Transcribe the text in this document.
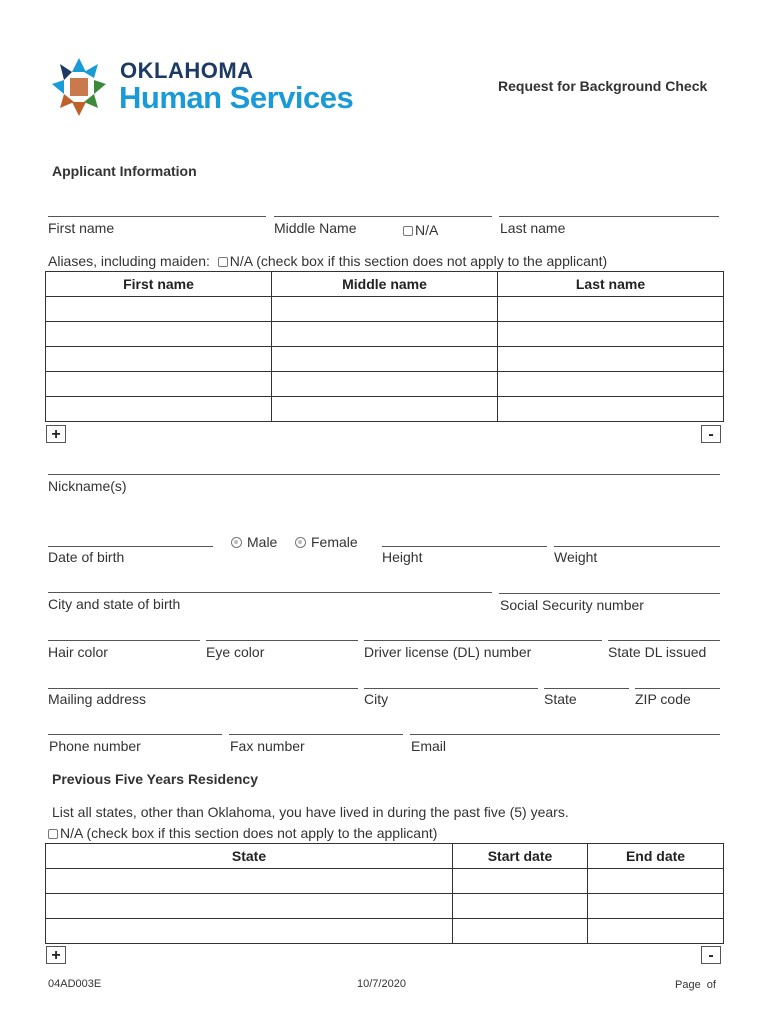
OKLAHOMA
Human Services	Request for Background Check
Applicant Information
First name	Middle Name	N/A	Last name
Aliases, including maiden: N/A (check box if this section does not apply to the applicant)
First name	Middle name	Last name

+	-
Nickname(s)
Date of birth
Male	Female
Height	Weight
City and state of birth	Social Security number
Hair color	Eye color	Driver license (DL) number	State DL issued
Mailing address	City	State	ZIP code
Phone number	Fax number	Email
Previous Five Years Residency
List all states, other than Oklahoma, you have lived in during the past five (5) years.
N/A (check box if this section does not apply to the applicant)
State	Start date	End date

+	-
04AD003E	10/7/2020	Page  of
